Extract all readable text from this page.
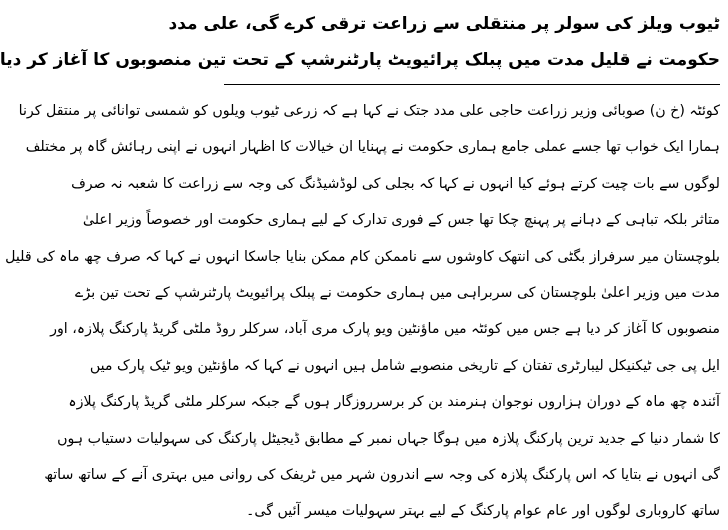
ٹیوب ویلز کی سولر پر منتقلی سے زراعت ترقی کرے گی، علی مدد
حکومت نے قلیل مدت میں پبلک پرائیویٹ پارٹنرشپ کے تحت تین منصوبوں کا آغاز کر دیا

کوئٹہ (خ ن) صوبائی وزیر زراعت حاجی علی مدد جتک نے کہا ہے کہ زرعی ٹیوب ویلوں کو شمسی توانائی پر منتقل کرنا

ہمارا ایک خواب تھا جسے عملی جامع ہماری حکومت نے پہنایا ان خیالات کا اظہار انہوں نے اپنی رہائش گاہ پر مختلف

لوگوں سے بات چیت کرتے ہوئے کیا انہوں نے کہا کہ بجلی کی لوڈشیڈنگ کی وجہ سے زراعت کا شعبہ نہ صرف

متاثر بلکہ تباہی کے دہانے پر پہنچ چکا تھا جس کے فوری تدارک کے لیے ہماری حکومت اور خصوصاً وزیر اعلیٰ

بلوچستان میر سرفراز بگٹی کی انتھک کاوشوں سے ناممکن کام ممکن بنایا جاسکا انہوں نے کہا کہ صرف چھ ماہ کی قلیل

مدت میں وزیر اعلیٰ بلوچستان کی سربراہی میں ہماری حکومت نے پبلک پرائیویٹ پارٹنرشپ کے تحت تین بڑے

منصوبوں کا آغاز کر دیا ہے جس میں کوئٹہ میں ماؤنٹین ویو پارک مری آباد، سرکلر روڈ ملٹی گریڈ پارکنگ پلازہ، اور

ایل پی جی ٹیکنیکل لیبارٹری تفتان کے تاریخی منصوبے شامل ہیں انہوں نے کہا کہ ماؤنٹین ویو ٹیک پارک میں

آئندہ چھ ماہ کے دوران ہزاروں نوجوان ہنرمند بن کر برسرروزگار ہوں گے جبکہ سرکلر ملٹی گریڈ پارکنگ پلازہ

کا شمار دنیا کے جدید ترین پارکنگ پلازہ میں ہوگا جہاں نمبر کے مطابق ڈیجیٹل پارکنگ کی سہولیات دستیاب ہوں

گی انہوں نے بتایا کہ اس پارکنگ پلازہ کی وجہ سے اندرون شہر میں ٹریفک کی روانی میں بہتری آنے کے ساتھ ساتھ

ساتھ کاروباری لوگوں اور عام عوام پارکنگ کے لیے بہتر سہولیات میسر آئیں گی۔
